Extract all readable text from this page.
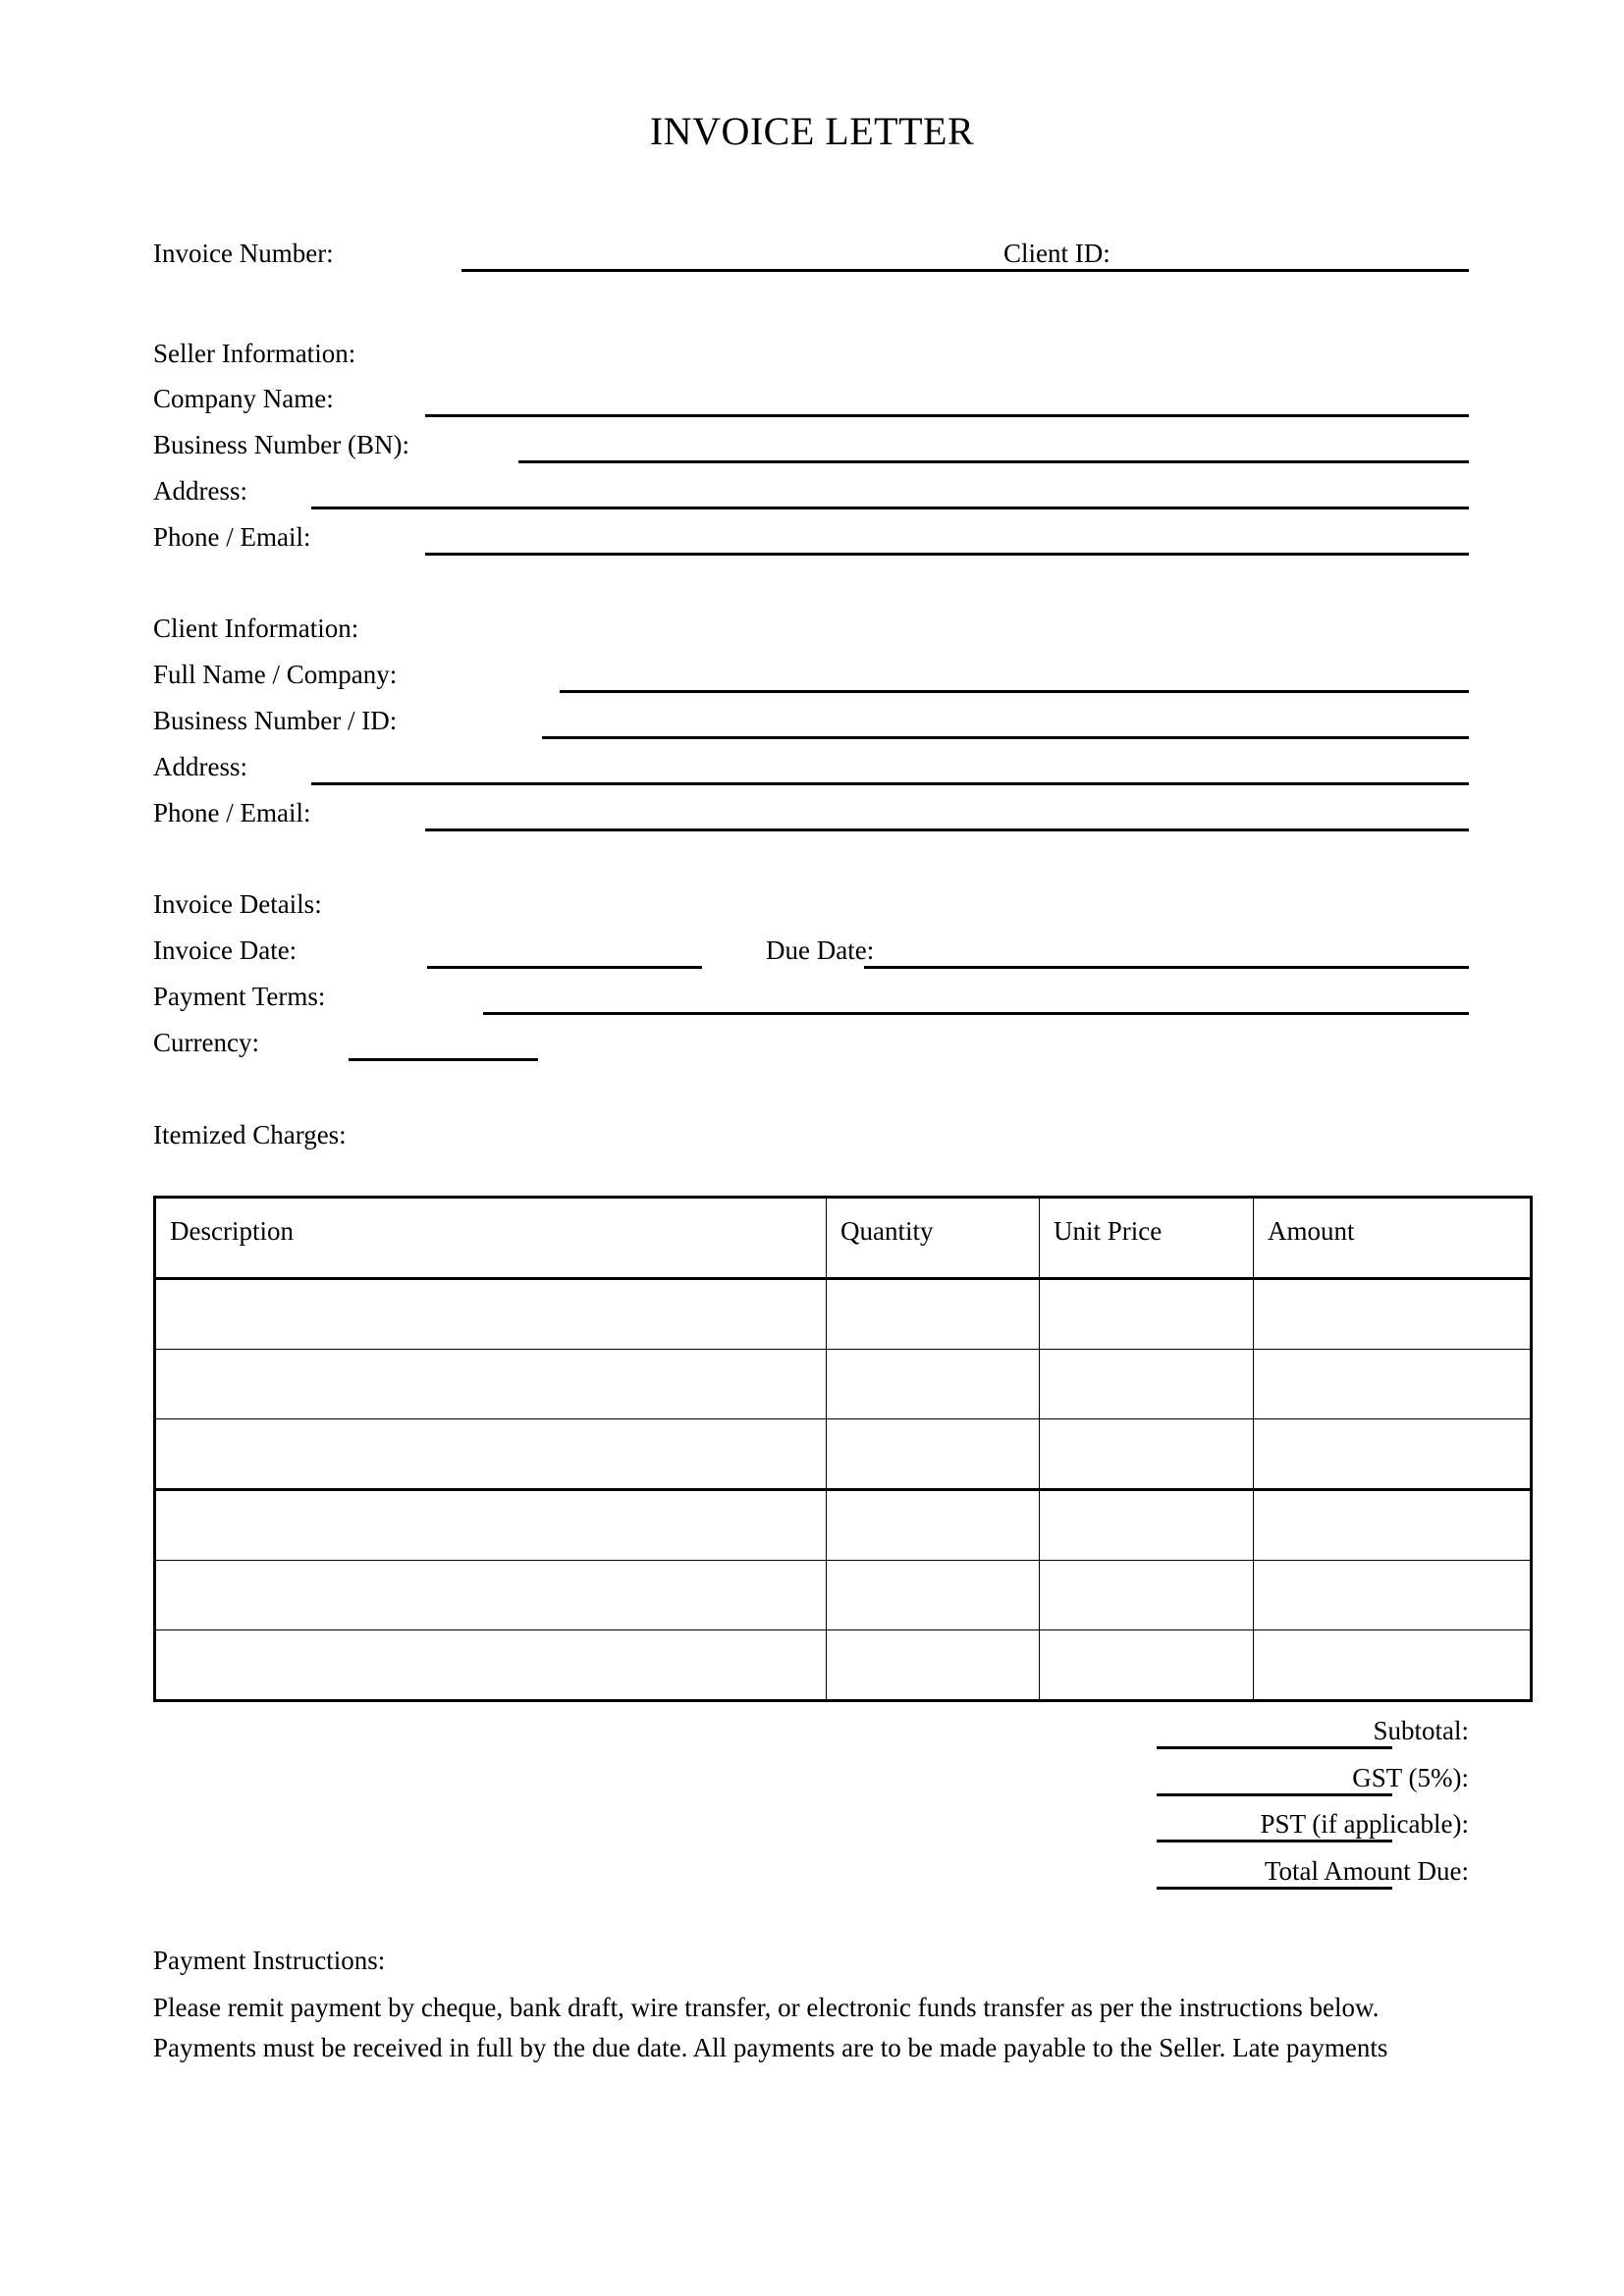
INVOICE LETTER
Invoice Number:	Client ID:
Seller Information:
Company Name:
Business Number (BN):
Address:
Phone / Email:
Client Information:
Full Name / Company:
Business Number / ID:
Address:
Phone / Email:
Invoice Details:
Invoice Date:	Due Date:
Payment Terms:
Currency:
Itemized Charges:
Description	Quantity	Unit Price	Amount

Subtotal:
GST (5%):
PST (if applicable):
Total Amount Due:
Payment Instructions:
Please remit payment by cheque, bank draft, wire transfer, or electronic funds transfer as per the instructions below.
Payments must be received in full by the due date. All payments are to be made payable to the Seller. Late payments
